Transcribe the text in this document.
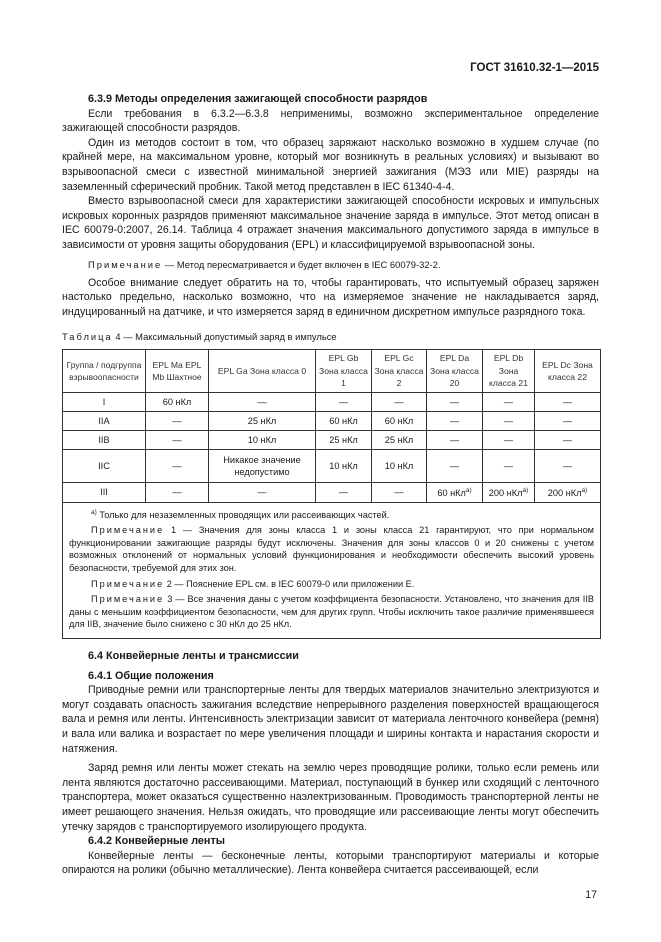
ГОСТ 31610.32-1—2015
6.3.9 Методы определения зажигающей способности разрядов

Если требования в 6.3.2—6.3.8 неприменимы, возможно экспериментальное определение зажигающей способности разрядов.

Один из методов состоит в том, что образец заряжают насколько возможно в худшем случае (по крайней мере, на максимальном уровне, который мог возникнуть в реальных условиях) и вызывают во взрывоопасной смеси с известной минимальной энергией зажигания (МЭЗ или MIE) разряды на заземленный сферический пробник. Такой метод представлен в IEC 61340-4-4.

Вместо взрывоопасной смеси для характеристики зажигающей способности искровых и импульсных искровых коронных разрядов применяют максимальное значение заряда в импульсе. Этот метод описан в IEC 60079-0:2007, 26.14. Таблица 4 отражает значения максимального допустимого заряда в импульсе в зависимости от уровня защиты оборудования (EPL) и классифицируемой взрывоопасной зоны.

Примечание — Метод пересматривается и будет включен в IEC 60079-32-2.

Особое внимание следует обратить на то, чтобы гарантировать, что испытуемый образец заряжен настолько предельно, насколько возможно, что на измеряемое значение не накладывается заряд, индуцированный на датчике, и что измеряется заряд в единичном дискретном импульсе разрядного тока.

Таблица 4 — Максимальный допустимый заряд в импульсе

Группа / подгруппа взрывоопасности	EPL Ma EPL Mb Шахтное	EPL Ga Зона класса 0	EPL Gb Зона класса 1	EPL Gc Зона класса 2	EPL Da Зона класса 20	EPL Db Зона класса 21	EPL Dc Зона класса 22
I	60 нКл	—	—	—	—	—	—
IIA	—	25 нКл	60 нКл	60 нКл	—	—	—
IIB	—	10 нКл	25 нКл	25 нКл	—	—	—
IIC	—	Никакое значение недопустимо	10 нКл	10 нКл	—	—	—
III	—	—	—	—	60 нКл$^{a)}$	200 нКл$^{a)}$	200 нКл$^{a)}$

$^{a)}$ Только для незаземленных проводящих или рассеивающих частей.

Примечание 1 — Значения для зоны класса 1 и зоны класса 21 гарантируют, что при нормальном функционировании зажигающие разряды будут исключены. Значения для зоны классов 0 и 20 снижены с учетом возможных отклонений от нормальных условий функционирования и необходимости обеспечить высокий уровень безопасности, требуемой для этих зон.

Примечание 2 — Пояснение EPL см. в IEC 60079-0 или приложении Е.

Примечание 3 — Все значения даны с учетом коэффициента безопасности. Установлено, что значения для IIB даны с меньшим коэффициентом безопасности, чем для других групп. Чтобы исключить такое различие применявшееся для IIB, значение было снижено с 30 нКл до 25 нКл.							

6.4 Конвейерные ленты и трансмиссии
6.4.1 Общие положения

Приводные ремни или транспортерные ленты для твердых материалов значительно электризуются и могут создавать опасность зажигания вследствие непрерывного разделения поверхностей вращающегося вала и ремня или ленты. Интенсивность электризации зависит от материала ленточного конвейера (ремня) и вала или валика и возрастает по мере увеличения площади и ширины контакта и нарастания скорости и натяжения.

Заряд ремня или ленты может стекать на землю через проводящие ролики, только если ремень или лента являются достаточно рассеивающими. Материал, поступающий в бункер или сходящий с ленточного транспортера, может оказаться существенно наэлектризованным. Проводимость транспортерной ленты не имеет решающего значения. Нельзя ожидать, что проводящие или рассеивающие ленты могут обеспечить утечку зарядов с транспортируемого изолирующего продукта.

6.4.2 Конвейерные ленты

Конвейерные ленты — бесконечные ленты, которыми транспортируют материалы и которые опираются на ролики (обычно металлические). Лента конвейера считается рассеивающей, если

17
